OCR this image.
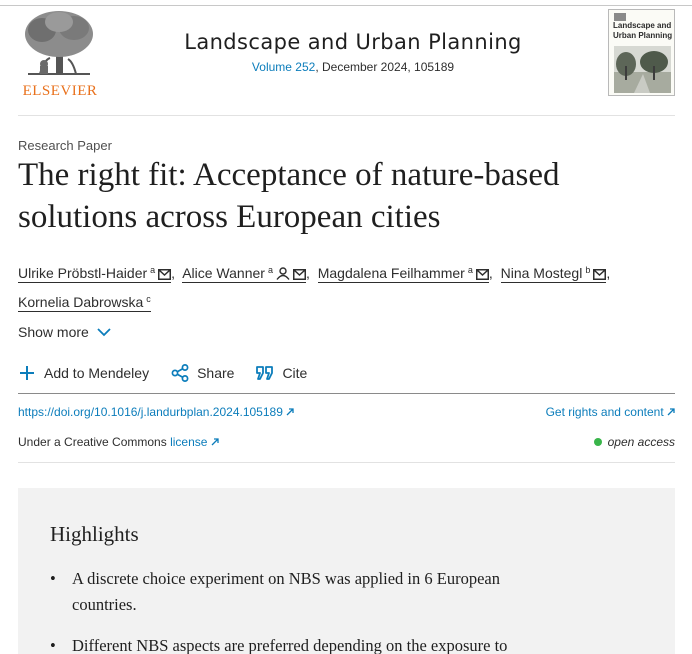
ELSEVIER
Landscape and Urban Planning
Volume 252, December 2024, 105189
Landscape and Urban Planning
Research Paper
The right fit: Acceptance of nature-based solutions across European cities
Ulrike Pröbstl-Haider $^a$ , Alice Wanner $^a$ , Magdalena Feilhammer $^a$ , Nina Mostegl $^b$ , Kornelia Dabrowska $^c$
Show more
Add to Mendeley	Share	Cite
https://doi.org/10.1016/j.landurbplan.2024.105189	Get rights and content
Under a Creative Commons license	open access
Highlights
• A discrete choice experiment on NBS was applied in 6 European countries.
• Different NBS aspects are preferred depending on the exposure to
